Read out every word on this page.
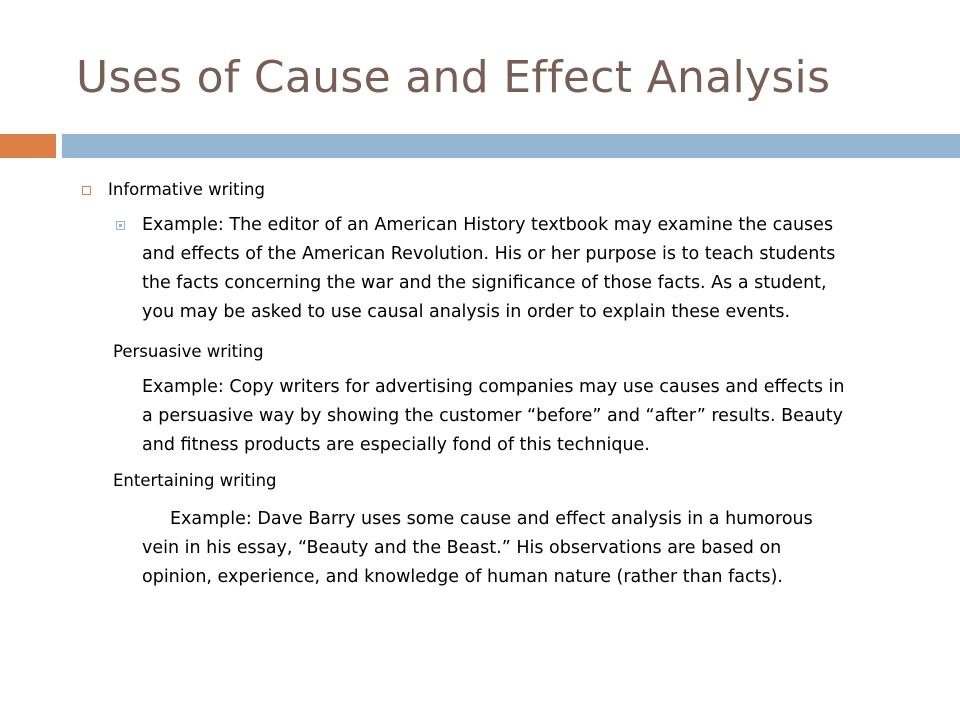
Uses of Cause and Effect Analysis
Informative writing
Example: The editor of an American History textbook may examine the causes
and effects of the American Revolution. His or her purpose is to teach students
the facts concerning the war and the significance of those facts. As a student,
you may be asked to use causal analysis in order to explain these events.
Persuasive writing
Example: Copy writers for advertising companies may use causes and effects in
a persuasive way by showing the customer “before” and “after” results. Beauty
and fitness products are especially fond of this technique.
Entertaining writing
Example: Dave Barry uses some cause and effect analysis in a humorous
vein in his essay, “Beauty and the Beast.” His observations are based on
opinion, experience, and knowledge of human nature (rather than facts).
